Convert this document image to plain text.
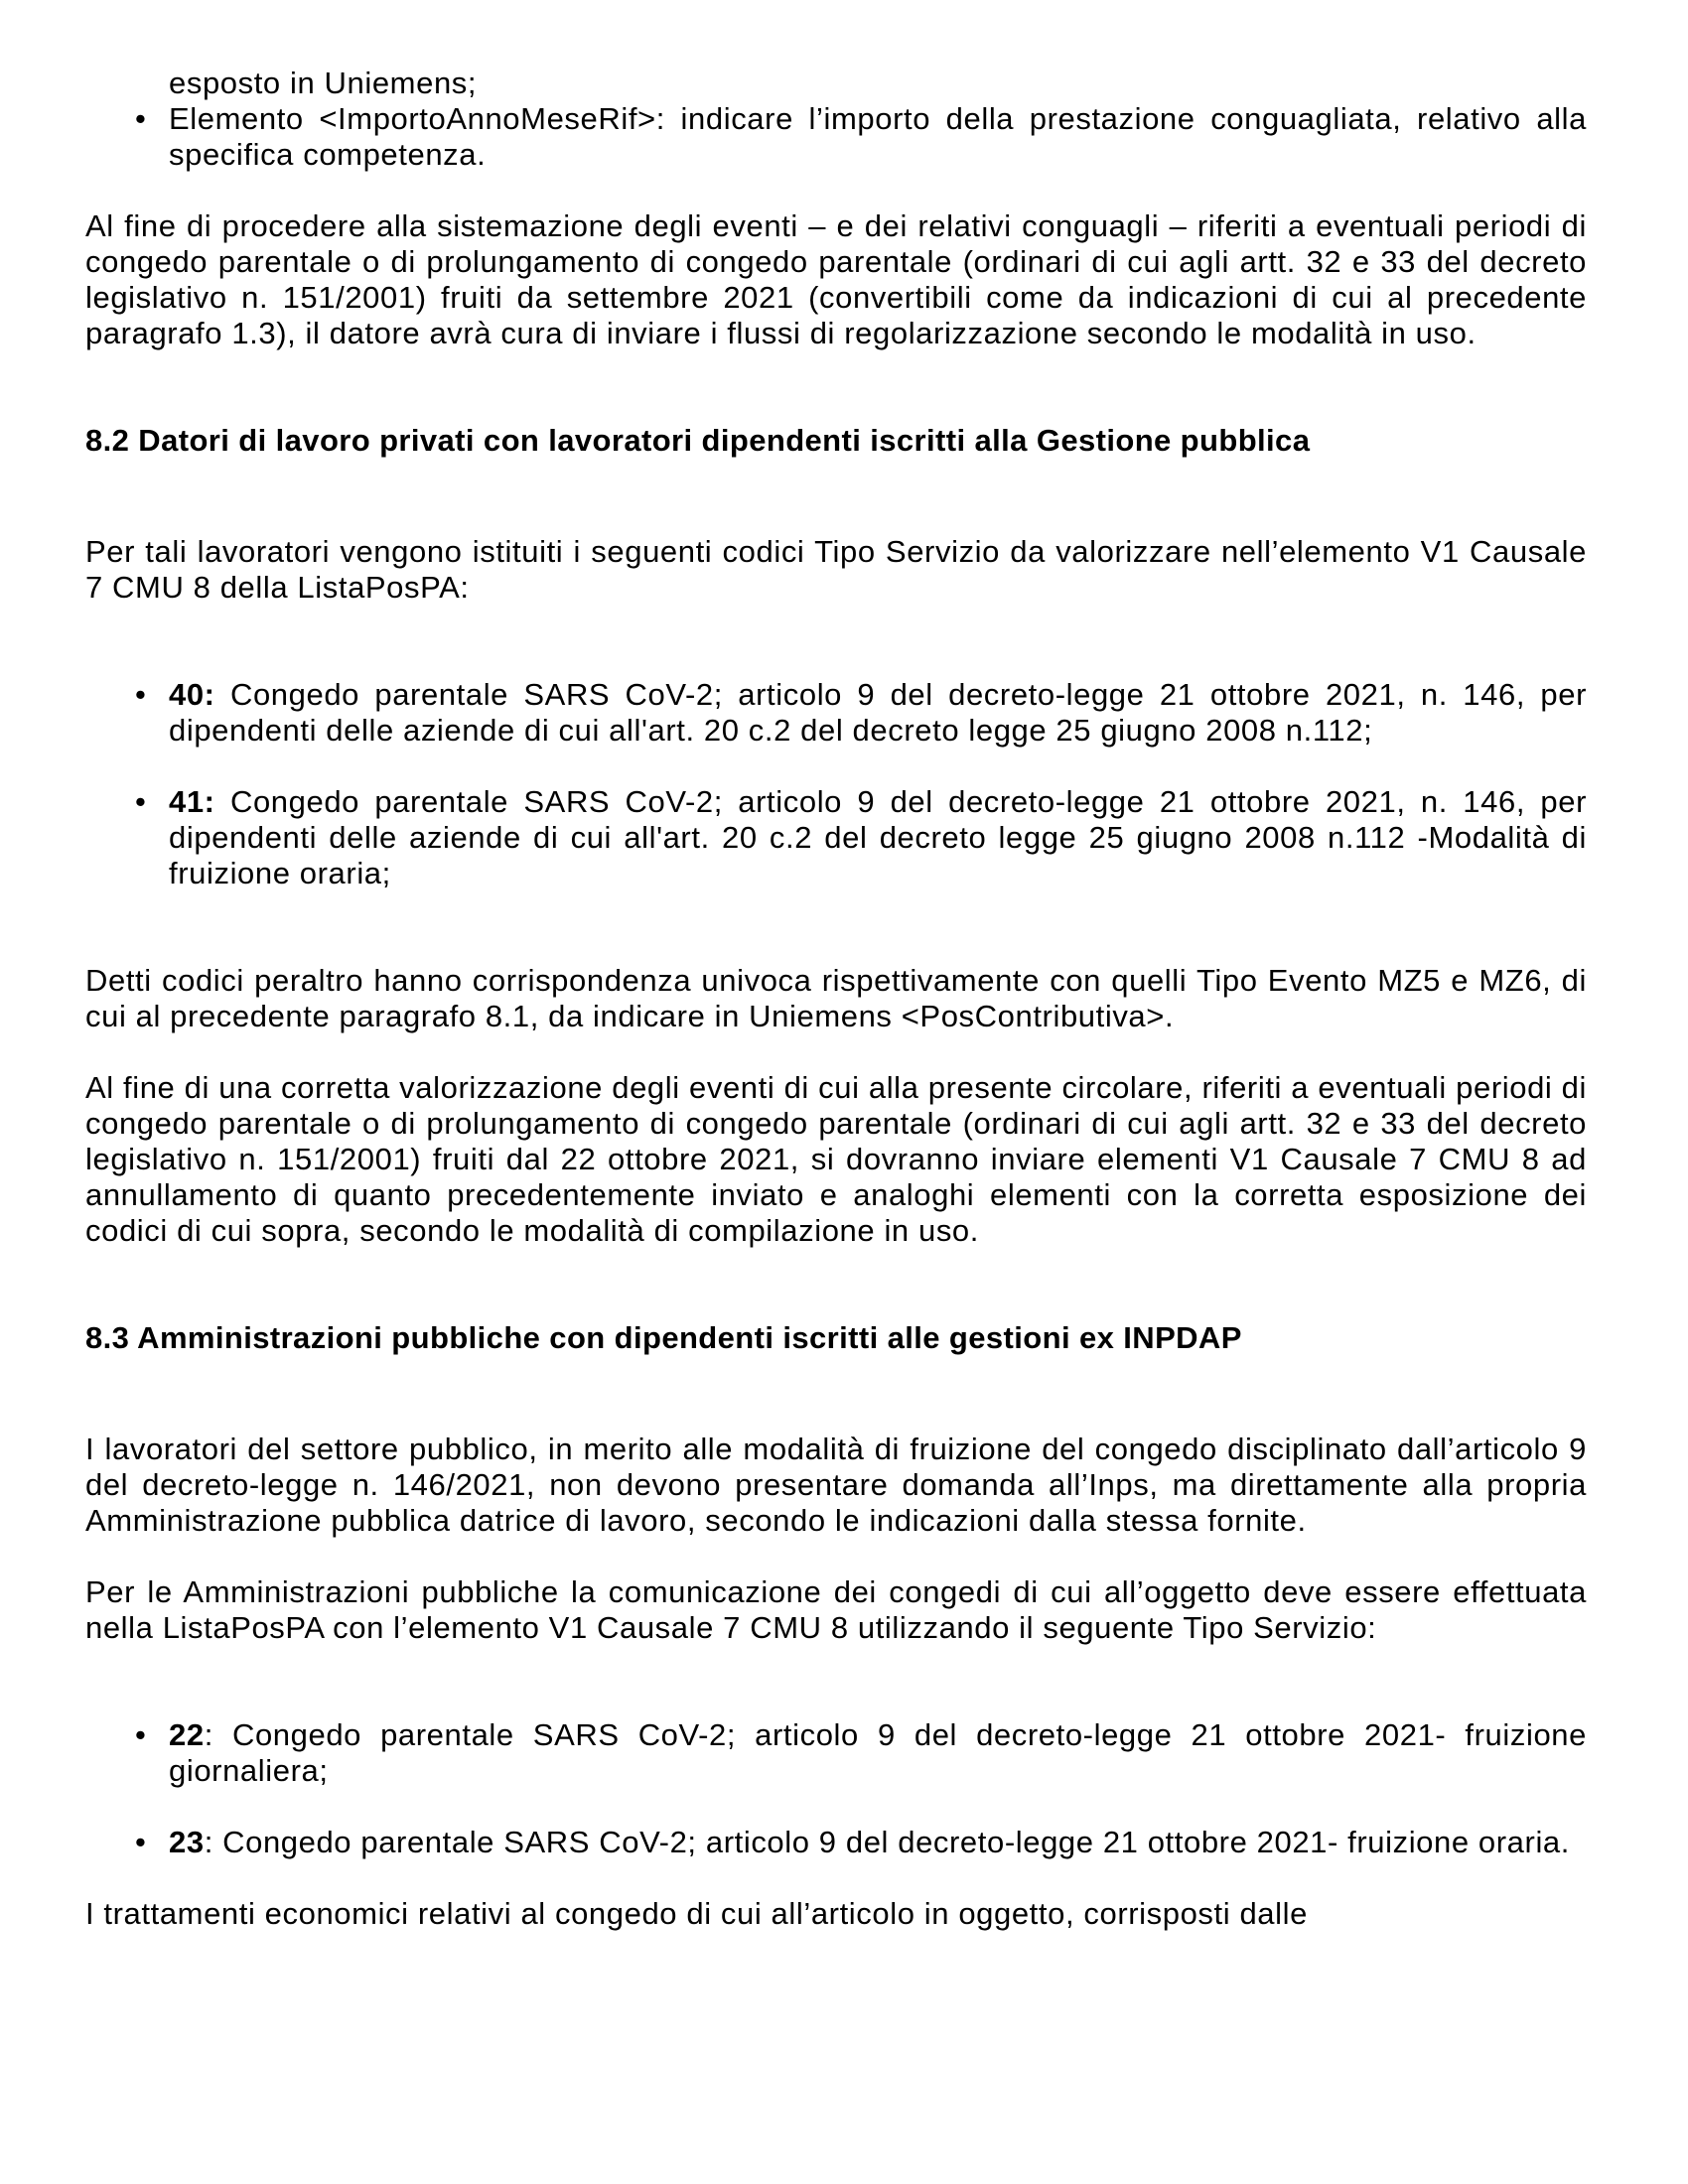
esposto in Uniemens;

• Elemento <ImportoAnnoMeseRif>: indicare l’importo della prestazione conguagliata, relativo alla specifica competenza.

Al fine di procedere alla sistemazione degli eventi – e dei relativi conguagli – riferiti a eventuali periodi di congedo parentale o di prolungamento di congedo parentale (ordinari di cui agli artt. 32 e 33 del decreto legislativo n. 151/2001) fruiti da settembre 2021 (convertibili come da indicazioni di cui al precedente paragrafo 1.3), il datore avrà cura di inviare i flussi di regolarizzazione secondo le modalità in uso.

8.2 Datori di lavoro privati con lavoratori dipendenti iscritti alla Gestione pubblica

Per tali lavoratori vengono istituiti i seguenti codici Tipo Servizio da valorizzare nell’elemento V1 Causale 7 CMU 8 della ListaPosPA:

• 40: Congedo parentale SARS CoV-2; articolo 9 del decreto-legge 21 ottobre 2021, n. 146, per dipendenti delle aziende di cui all'art. 20 c.2 del decreto legge 25 giugno 2008 n.112;
• 41: Congedo parentale SARS CoV-2; articolo 9 del decreto-legge 21 ottobre 2021, n. 146, per dipendenti delle aziende di cui all'art. 20 c.2 del decreto legge 25 giugno 2008 n.112 -Modalità di fruizione oraria;

Detti codici peraltro hanno corrispondenza univoca rispettivamente con quelli Tipo Evento MZ5 e MZ6, di cui al precedente paragrafo 8.1, da indicare in Uniemens <PosContributiva>.

Al fine di una corretta valorizzazione degli eventi di cui alla presente circolare, riferiti a eventuali periodi di congedo parentale o di prolungamento di congedo parentale (ordinari di cui agli artt. 32 e 33 del decreto legislativo n. 151/2001) fruiti dal 22 ottobre 2021, si dovranno inviare elementi V1 Causale 7 CMU 8 ad annullamento di quanto precedentemente inviato e analoghi elementi con la corretta esposizione dei codici di cui sopra, secondo le modalità di compilazione in uso.

8.3 Amministrazioni pubbliche con dipendenti iscritti alle gestioni ex INPDAP

I lavoratori del settore pubblico, in merito alle modalità di fruizione del congedo disciplinato dall’articolo 9 del decreto-legge n. 146/2021, non devono presentare domanda all’Inps, ma direttamente alla propria Amministrazione pubblica datrice di lavoro, secondo le indicazioni dalla stessa fornite.

Per le Amministrazioni pubbliche la comunicazione dei congedi di cui all’oggetto deve essere effettuata nella ListaPosPA con l’elemento V1 Causale 7 CMU 8 utilizzando il seguente Tipo Servizio:

• 22: Congedo parentale SARS CoV-2; articolo 9 del decreto-legge 21 ottobre 2021- fruizione giornaliera;
• 23: Congedo parentale SARS CoV-2; articolo 9 del decreto-legge 21 ottobre 2021- fruizione oraria.

I trattamenti economici relativi al congedo di cui all’articolo in oggetto, corrisposti dalle
